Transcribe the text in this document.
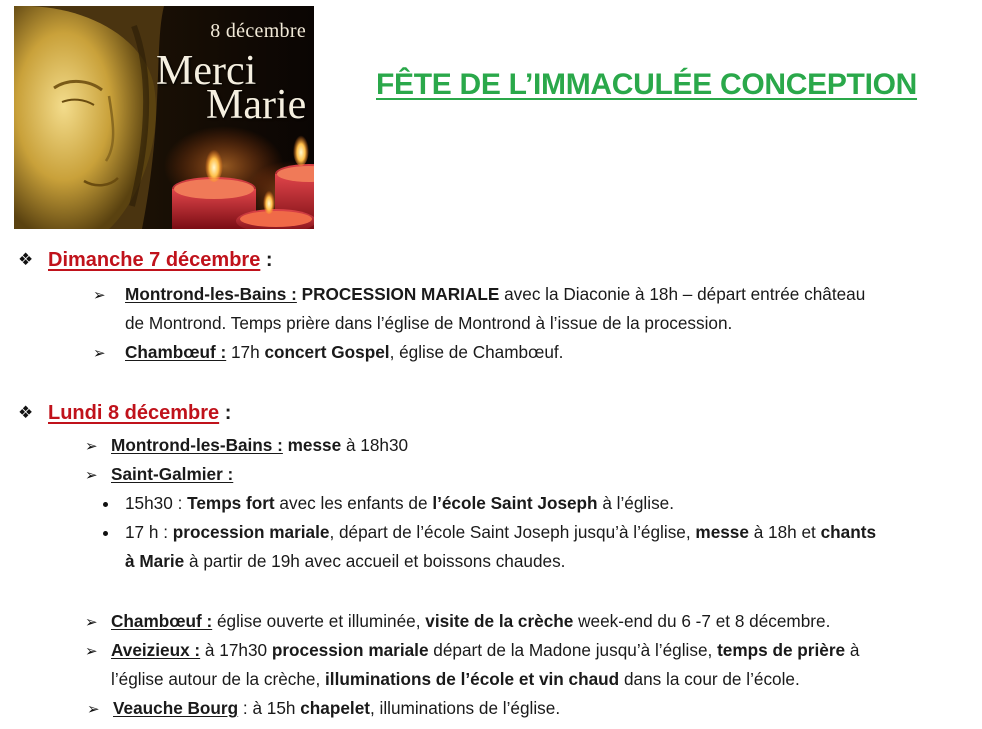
8 décembre
Merci
Marie FÊTE DE L’IMMACULÉE CONCEPTION
❖ Dimanche 7 décembre :
➢ Montrond-les-Bains : PROCESSION MARIALE avec la Diaconie à 18h – départ entrée château
de Montrond. Temps prière dans l’église de Montrond à l’issue de la procession.
➢ Chambœuf : 17h concert Gospel, église de Chambœuf.
❖ Lundi 8 décembre :
➢ Montrond-les-Bains : messe à 18h30
➢ Saint-Galmier :
15h30 : Temps fort avec les enfants de l’école Saint Joseph à l’église.
17 h : procession mariale, départ de l’école Saint Joseph jusqu’à l’église, messe à 18h et chants
à Marie à partir de 19h avec accueil et boissons chaudes.
➢ Chambœuf : église ouverte et illuminée, visite de la crèche week-end du 6 -7 et 8 décembre.
➢ Aveizieux : à 17h30 procession mariale départ de la Madone jusqu’à l’église, temps de prière à
l’église autour de la crèche, illuminations de l’école et vin chaud dans la cour de l’école.
➢ Veauche Bourg : à 15h chapelet, illuminations de l’église.
